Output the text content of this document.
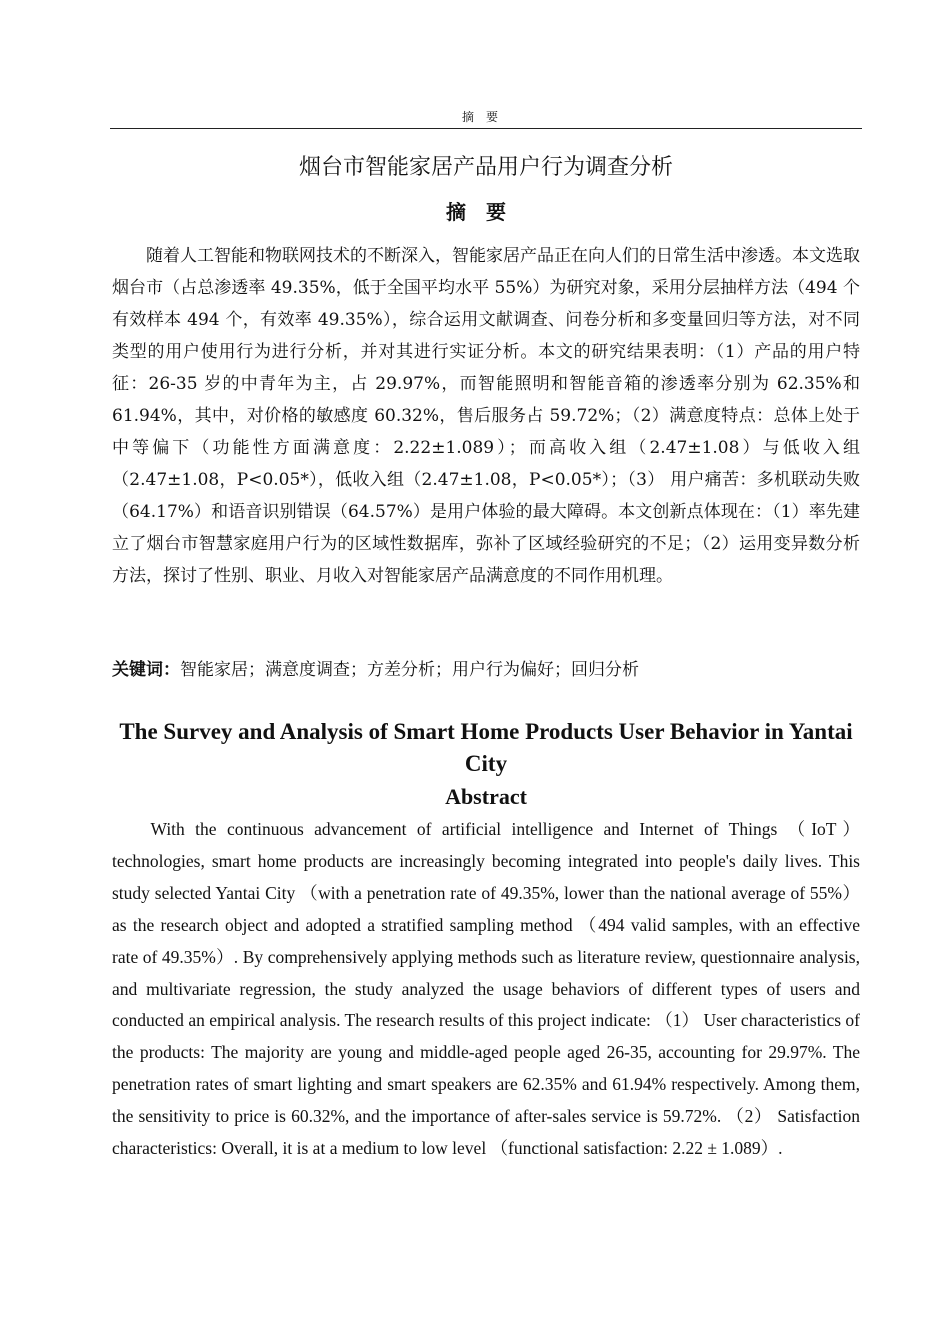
摘要
烟台市智能家居产品用户行为调查分析
摘要

随着人工智能和物联网技术的不断深入，智能家居产品正在向人们的日常生活中渗透。本文选取烟台市（占总渗透率 49.35%，低于全国平均水平 55%）为研究对象，采用分层抽样方法（494 个有效样本 494 个，有效率 49.35%），综合运用文献调查、问卷分析和多变量回归等方法，对不同类型的用户使用行为进行分析，并对其进行实证分析。本文的研究结果表明：（1）产品的用户特征：26-35 岁的中青年为主，占 29.97%，而智能照明和智能音箱的渗透率分别为 62.35%和 61.94%，其中，对价格的敏感度 60.32%，售后服务占 59.72%；（2）满意度特点：总体上处于中等偏下（功能性方面满意度：2.22±1.089）；而高收入组（2.47±1.08）与低收入组（2.47±1.08，P<0.05*），低收入组（2.47±1.08，P<0.05*）；（3） 用户痛苦：多机联动失败（64.17%）和语音识别错误（64.57%）是用户体验的最大障碍。本文创新点体现在：（1）率先建立了烟台市智慧家庭用户行为的区域性数据库，弥补了区域经验研究的不足；（2）运用变异数分析方法，探讨了性别、职业、月收入对智能家居产品满意度的不同作用机理。

关键词：智能家居；满意度调查；方差分析；用户行为偏好；回归分析

The Survey and Analysis of Smart Home Products User Behavior in Yantai City

Abstract

With the continuous advancement of artificial intelligence and Internet of Things （IoT） technologies, smart home products are increasingly becoming integrated into people's daily lives. This study selected Yantai City （with a penetration rate of 49.35%, lower than the national average of 55%） as the research object and adopted a stratified sampling method （494 valid samples, with an effective rate of 49.35%）. By comprehensively applying methods such as literature review, questionnaire analysis, and multivariate regression, the study analyzed the usage behaviors of different types of users and conducted an empirical analysis. The research results of this project indicate: （1） User characteristics of the products: The majority are young and middle-aged people aged 26-35, accounting for 29.97%. The penetration rates of smart lighting and smart speakers are 62.35% and 61.94% respectively. Among them, the sensitivity to price is 60.32%, and the importance of after-sales service is 59.72%. （2） Satisfaction characteristics: Overall, it is at a medium to low level （functional satisfaction: 2.22 ± 1.089）.
